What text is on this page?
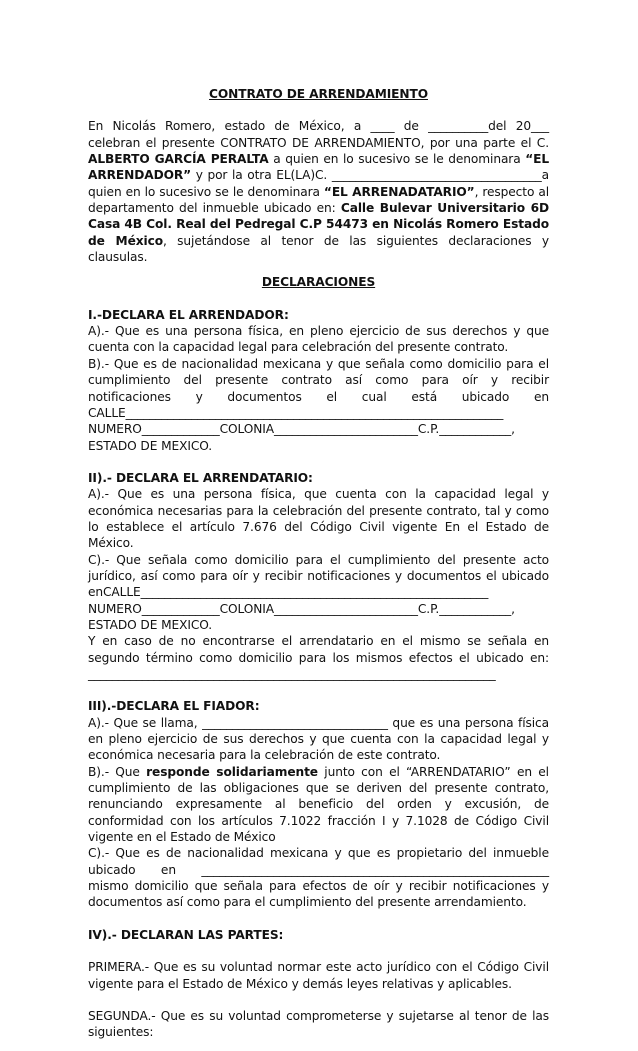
CONTRATO DE ARRENDAMIENTO

En Nicolás Romero, estado de México, a ____ de __________del 20___ celebran el presente CONTRATO DE ARRENDAMIENTO, por una parte el C. ALBERTO GARCÍA PERALTA a quien en lo sucesivo se le denominara “EL ARRENDADOR” y por la otra EL(LA)C. ___________________________________a quien en lo sucesivo se le denominara “EL ARRENADATARIO”, respecto al departamento del inmueble ubicado en: Calle Bulevar Universitario 6D Casa 4B Col. Real del Pedregal C.P 54473 en Nicolás Romero Estado de México, sujetándose al tenor de las siguientes declaraciones y clausulas.

DECLARACIONES

I.-DECLARA EL ARRENDADOR:

A).- Que es una persona física, en pleno ejercicio de sus derechos y que cuenta con la capacidad legal para celebración del presente contrato.

B).- Que es de nacionalidad mexicana y que señala como domicilio para el cumplimiento del presente contrato así como para oír y recibir notificaciones y documentos el cual está ubicado en CALLE_______________________________________________________________ NUMERO_____________COLONIA________________________C.P.____________, ESTADO DE MEXICO.

II).- DECLARA EL ARRENDATARIO:

A).- Que es una persona física, que cuenta con la capacidad legal y económica necesarias para la celebración del presente contrato, tal y como lo establece el artículo 7.676 del Código Civil vigente En el Estado de México.

C).- Que señala como domicilio para el cumplimiento del presente acto jurídico, así como para oír y recibir notificaciones y documentos el ubicado enCALLE__________________________________________________________ NUMERO_____________COLONIA________________________C.P.____________, ESTADO DE MEXICO.

Y en caso de no encontrarse el arrendatario en el mismo se señala en segundo término como domicilio para los mismos efectos el ubicado en: ____________________________________________________________________

III).-DECLARA EL FIADOR:

A).- Que se llama, _______________________________ que es una persona física en pleno ejercicio de sus derechos y que cuenta con la capacidad legal y económica necesaria para la celebración de este contrato.

B).- Que responde solidariamente junto con el “ARRENDATARIO” en el cumplimiento de las obligaciones que se deriven del presente contrato, renunciando expresamente al beneficio del orden y excusión, de conformidad con los artículos 7.1022 fracción I y 7.1028 de Código Civil vigente en el Estado de México

C).- Que es de nacionalidad mexicana y que es propietario del inmueble ubicado en __________________________________________________________ mismo domicilio que señala para efectos de oír y recibir notificaciones y documentos así como para el cumplimiento del presente arrendamiento.

IV).- DECLARAN LAS PARTES:

PRIMERA.- Que es su voluntad normar este acto jurídico con el Código Civil vigente para el Estado de México y demás leyes relativas y aplicables.

SEGUNDA.- Que es su voluntad comprometerse y sujetarse al tenor de las siguientes:
